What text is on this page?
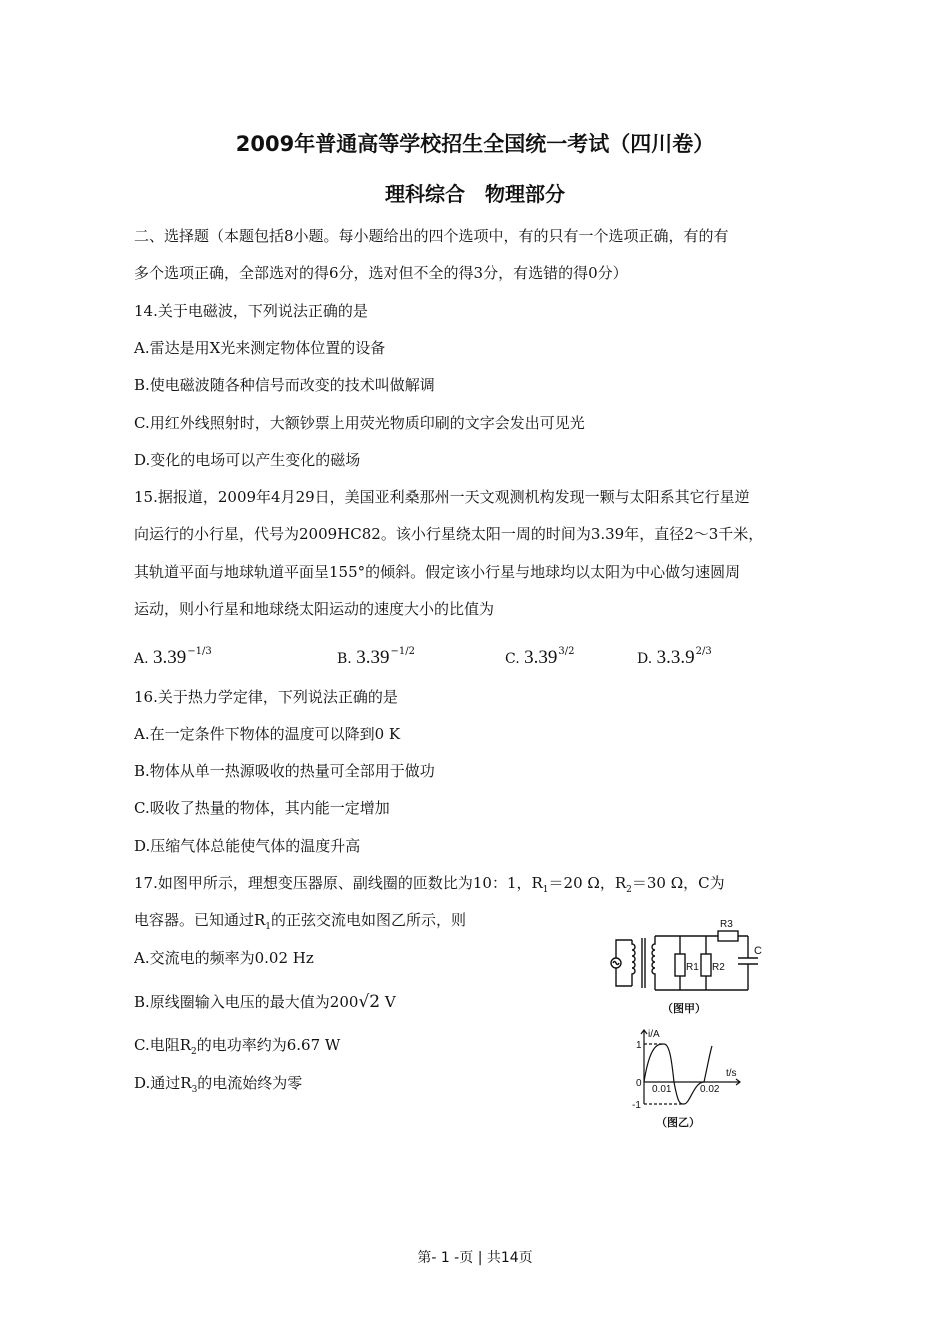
2009年普通高等学校招生全国统一考试（四川卷）
理科综合　物理部分
二、选择题（本题包括8小题。每小题给出的四个选项中，有的只有一个选项正确，有的有
多个选项正确，全部选对的得6分，选对但不全的得3分，有选错的得0分）
14.关于电磁波，下列说法正确的是
A.雷达是用X光来测定物体位置的设备
B.使电磁波随各种信号而改变的技术叫做解调
C.用红外线照射时，大额钞票上用荧光物质印刷的文字会发出可见光
D.变化的电场可以产生变化的磁场
15.据报道，2009年4月29日，美国亚利桑那州一天文观测机构发现一颗与太阳系其它行星逆
向运行的小行星，代号为2009HC82。该小行星绕太阳一周的时间为3.39年，直径2～3千米，
其轨道平面与地球轨道平面呈155°的倾斜。假定该小行星与地球均以太阳为中心做匀速圆周
运动，则小行星和地球绕太阳运动的速度大小的比值为
A. $3.39^{-1/3}$	B. $3.39^{-1/2}$	C. $3.39^{3/2}$	D. $3.3.9^{2/3}$
16.关于热力学定律，下列说法正确的是
A.在一定条件下物体的温度可以降到0 K
B.物体从单一热源吸收的热量可全部用于做功
C.吸收了热量的物体，其内能一定增加
D.压缩气体总能使气体的温度升高
17.如图甲所示，理想变压器原、副线圈的匝数比为10：1，$R_1=20$ Ω，$R_2=30$ Ω，C为
电容器。已知通过$R_1$的正弦交流电如图乙所示，则
A.交流电的频率为0.02 Hz
B.原线圈输入电压的最大值为200√2 V
C.电阻$R_2$的电功率约为6.67 W
D.通过$R_3$的电流始终为零
R1 R2
R3
C
（图甲）
i/A
t/s
1
-1
0
0.01	0.02
（图乙）
第- 1 -页 | 共14页
